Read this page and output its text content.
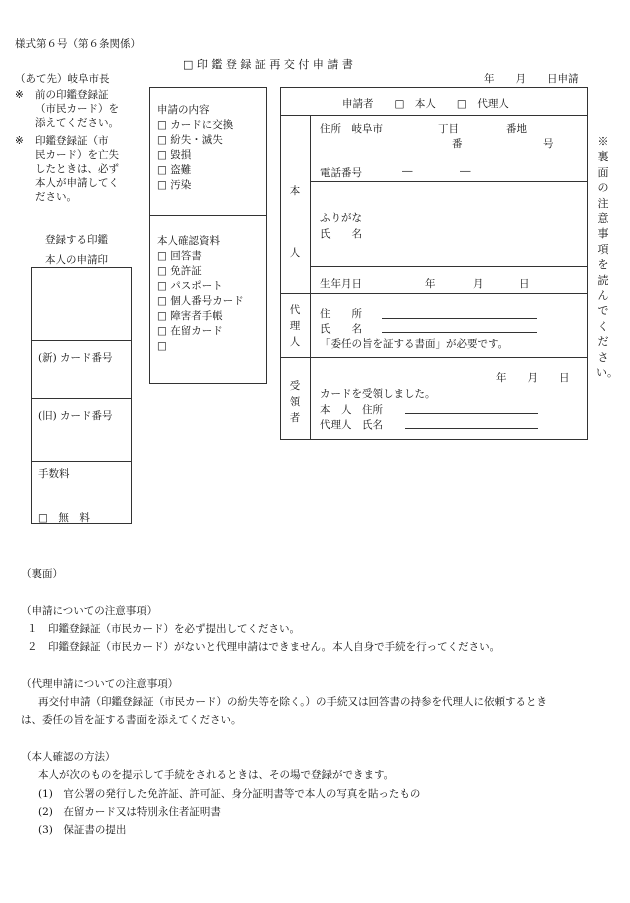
様式第６号（第６条関係）
□ 印 鑑 登 録 証 再 交 付 申 請 書
（あて先）岐阜市長	年　　月　　日申請
※ 前の印鑑登録証
（市民カード）を
添えてください。
※ 印鑑登録証（市
民カード）を亡失
したときは、必ず
本人が申請してく
ださい。
登録する印鑑
本人の申請印
(新) カード番号
(旧) カード番号
手数料
□　無　料
申請の内容
□ カードに交換
□ 紛失・滅失
□ 毀損
□ 盗難
□ 汚染
本人確認資料
□ 回答書
□ 免許証
□ パスポート
□ 個人番号カード
□ 障害者手帳
□ 在留カード
□
申請者　　□　本人　　□　代理人
本人
住所　岐阜市	丁目	番地
番	号
電話番号	―	―
ふりがな
氏　　名
生年月日	年	月	日
代理人
住　　所
氏　　名
「委任の旨を証する書面」が必要です。
受領者
年　　月　　日
カードを受領しました。
本　人　住所
代理人　氏名
※裏面の注意事項を読んでください。
（裏面）
（申請についての注意事項）
１　印鑑登録証（市民カード）を必ず提出してください。
２　印鑑登録証（市民カード）がないと代理申請はできません。本人自身で手続を行ってください。
（代理申請についての注意事項）
再交付申請（印鑑登録証（市民カード）の紛失等を除く。）の手続又は回答書の持参を代理人に依頼するとき
は、委任の旨を証する書面を添えてください。
（本人確認の方法）
本人が次のものを提示して手続をされるときは、その場で登録ができます。
(1)　官公署の発行した免許証、許可証、身分証明書等で本人の写真を貼ったもの
(2)　在留カード又は特別永住者証明書
(3)　保証書の提出
